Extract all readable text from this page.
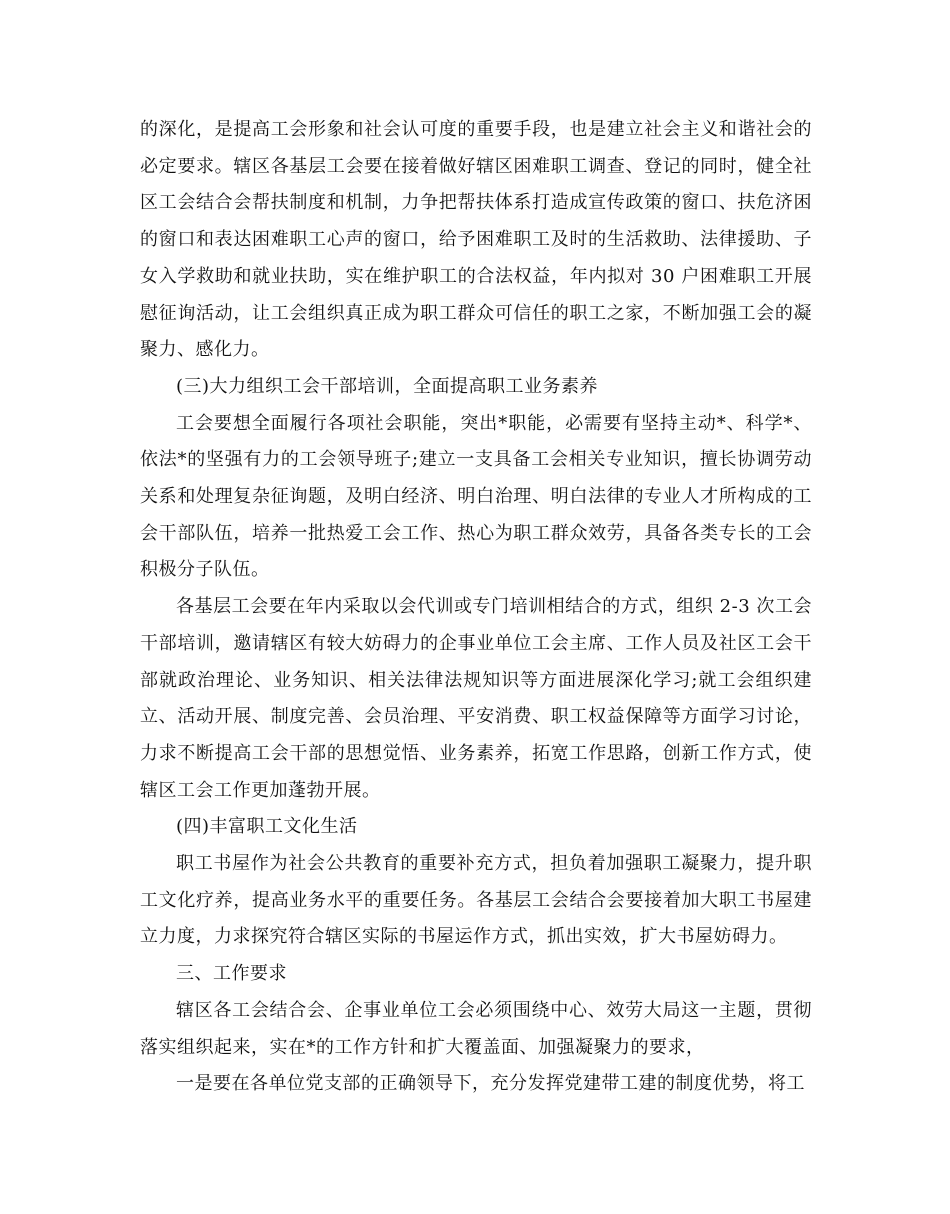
的深化，是提高工会形象和社会认可度的重要手段，也是建立社会主义和谐社会的必定要求。辖区各基层工会要在接着做好辖区困难职工调查、登记的同时，健全社区工会结合会帮扶制度和机制，力争把帮扶体系打造成宣传政策的窗口、扶危济困的窗口和表达困难职工心声的窗口，给予困难职工及时的生活救助、法律援助、子女入学救助和就业扶助，实在维护职工的合法权益，年内拟对 30 户困难职工开展慰征询活动，让工会组织真正成为职工群众可信任的职工之家，不断加强工会的凝聚力、感化力。

(三)大力组织工会干部培训，全面提高职工业务素养

工会要想全面履行各项社会职能，突出*职能，必需要有坚持主动*、科学*、依法*的坚强有力的工会领导班子;建立一支具备工会相关专业知识，擅长协调劳动关系和处理复杂征询题，及明白经济、明白治理、明白法律的专业人才所构成的工会干部队伍，培养一批热爱工会工作、热心为职工群众效劳，具备各类专长的工会积极分子队伍。

各基层工会要在年内采取以会代训或专门培训相结合的方式，组织 2-3 次工会干部培训，邀请辖区有较大妨碍力的企事业单位工会主席、工作人员及社区工会干部就政治理论、业务知识、相关法律法规知识等方面进展深化学习;就工会组织建立、活动开展、制度完善、会员治理、平安消费、职工权益保障等方面学习讨论，力求不断提高工会干部的思想觉悟、业务素养，拓宽工作思路，创新工作方式，使辖区工会工作更加蓬勃开展。

(四)丰富职工文化生活

职工书屋作为社会公共教育的重要补充方式，担负着加强职工凝聚力，提升职工文化疗养，提高业务水平的重要任务。各基层工会结合会要接着加大职工书屋建立力度，力求探究符合辖区实际的书屋运作方式，抓出实效，扩大书屋妨碍力。

三、工作要求

辖区各工会结合会、企事业单位工会必须围绕中心、效劳大局这一主题，贯彻落实组织起来，实在*的工作方针和扩大覆盖面、加强凝聚力的要求，

一是要在各单位党支部的正确领导下，充分发挥党建带工建的制度优势，将工
